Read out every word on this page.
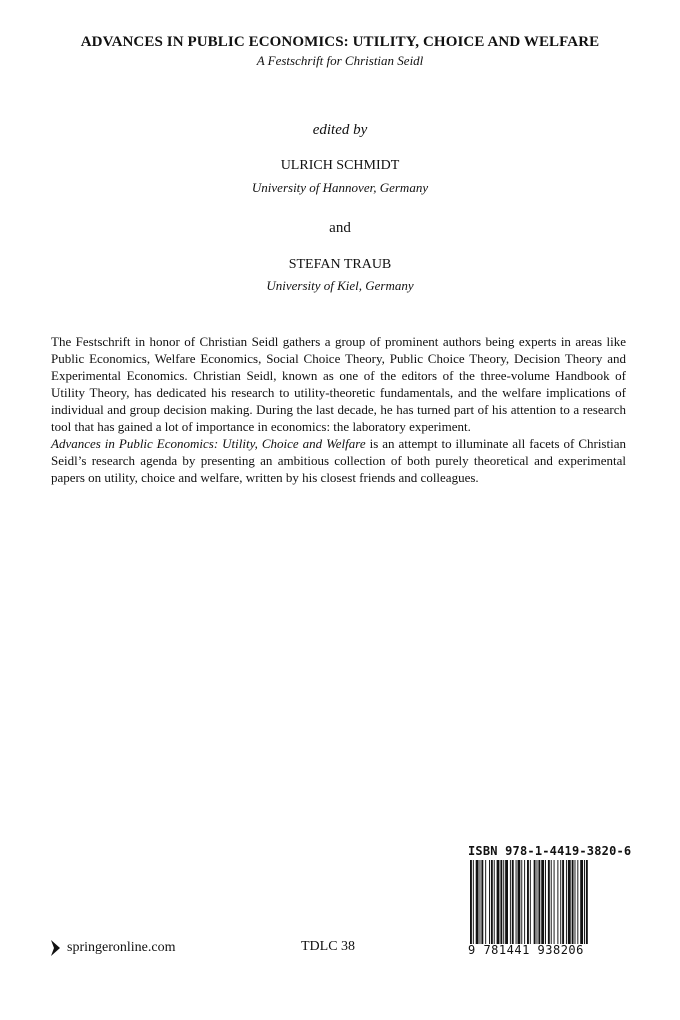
ADVANCES IN PUBLIC ECONOMICS: UTILITY, CHOICE AND WELFARE
A Festschrift for Christian Seidl
edited by
ULRICH SCHMIDT
University of Hannover, Germany
and
STEFAN TRAUB
University of Kiel, Germany

The Festschrift in honor of Christian Seidl gathers a group of prominent authors being experts in areas like Public Economics, Welfare Economics, Social Choice Theory, Public Choice Theory, Decision Theory and Experimental Economics. Christian Seidl, known as one of the editors of the three-volume Handbook of Utility Theory, has dedicated his research to utility-theoretic fundamentals, and the welfare implications of individual and group decision making. During the last decade, he has turned part of his attention to a research tool that has gained a lot of importance in economics: the laboratory experiment.

Advances in Public Economics: Utility, Choice and Welfare is an attempt to illuminate all facets of Christian Seidl’s research agenda by presenting an ambitious collection of both purely theoretical and experimental papers on utility, choice and welfare, written by his closest friends and colleagues.

ISBN 978-1-4419-3820-6
9 781441 938206
springeronline.com	TDLC 38
